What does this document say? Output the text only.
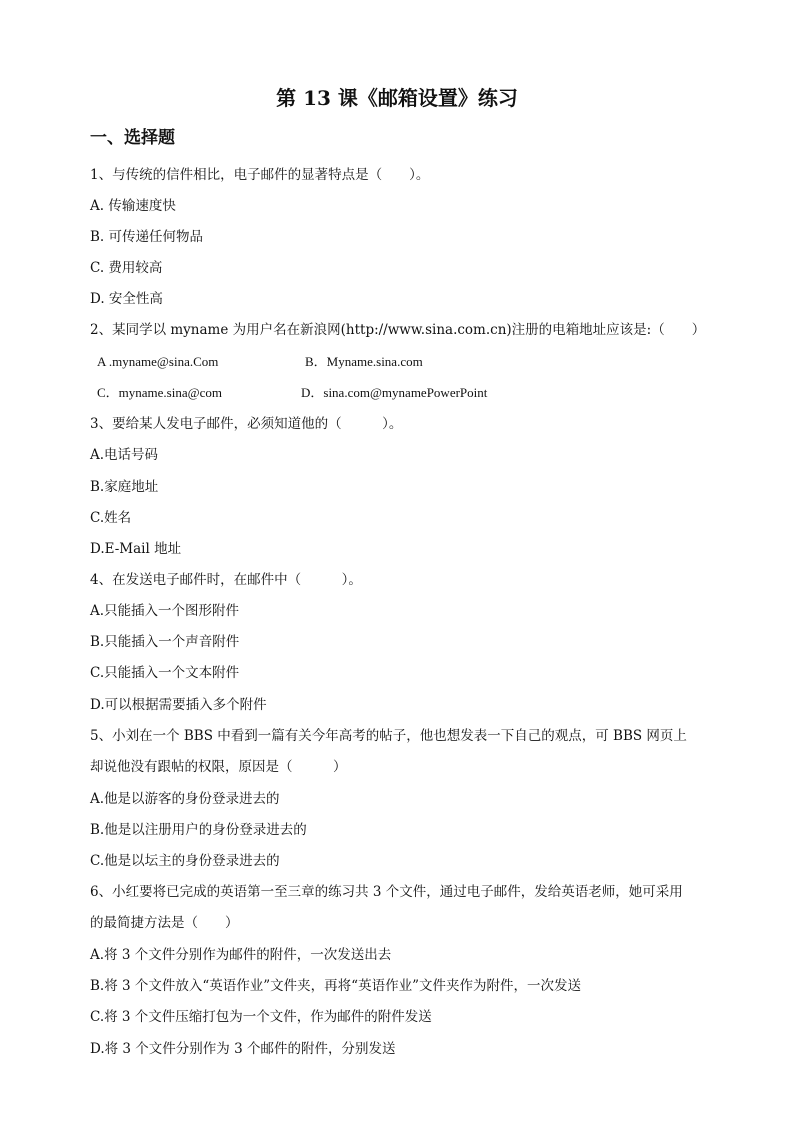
第 13 课《邮箱设置》练习
一、选择题
1、与传统的信件相比，电子邮件的显著特点是（　　）。
A. 传输速度快
B. 可传递任何物品
C. 费用较高
D. 安全性高
2、某同学以 myname 为用户名在新浪网(http://www.sina.com.cn)注册的电箱地址应该是:（　　）
A .myname@sina.Com	B．Myname.sina.com
C．myname.sina@com	D．sina.com@mynamePowerPoint
3、要给某人发电子邮件，必须知道他的（　　　）。
A.电话号码
B.家庭地址
C.姓名
D.E-Mail 地址
4、在发送电子邮件时，在邮件中（　　　）。
A.只能插入一个图形附件
B.只能插入一个声音附件
C.只能插入一个文本附件
D.可以根据需要插入多个附件
5、小刘在一个 BBS 中看到一篇有关今年高考的帖子，他也想发表一下自己的观点，可 BBS 网页上
却说他没有跟帖的权限，原因是（　　　）
A.他是以游客的身份登录进去的
B.他是以注册用户的身份登录进去的
C.他是以坛主的身份登录进去的
6、小红要将已完成的英语第一至三章的练习共 3 个文件，通过电子邮件，发给英语老师，她可采用
的最简捷方法是（　　）
A.将 3 个文件分别作为邮件的附件，一次发送出去
B.将 3 个文件放入“英语作业”文件夹，再将“英语作业”文件夹作为附件，一次发送
C.将 3 个文件压缩打包为一个文件，作为邮件的附件发送
D.将 3 个文件分别作为 3 个邮件的附件，分别发送
